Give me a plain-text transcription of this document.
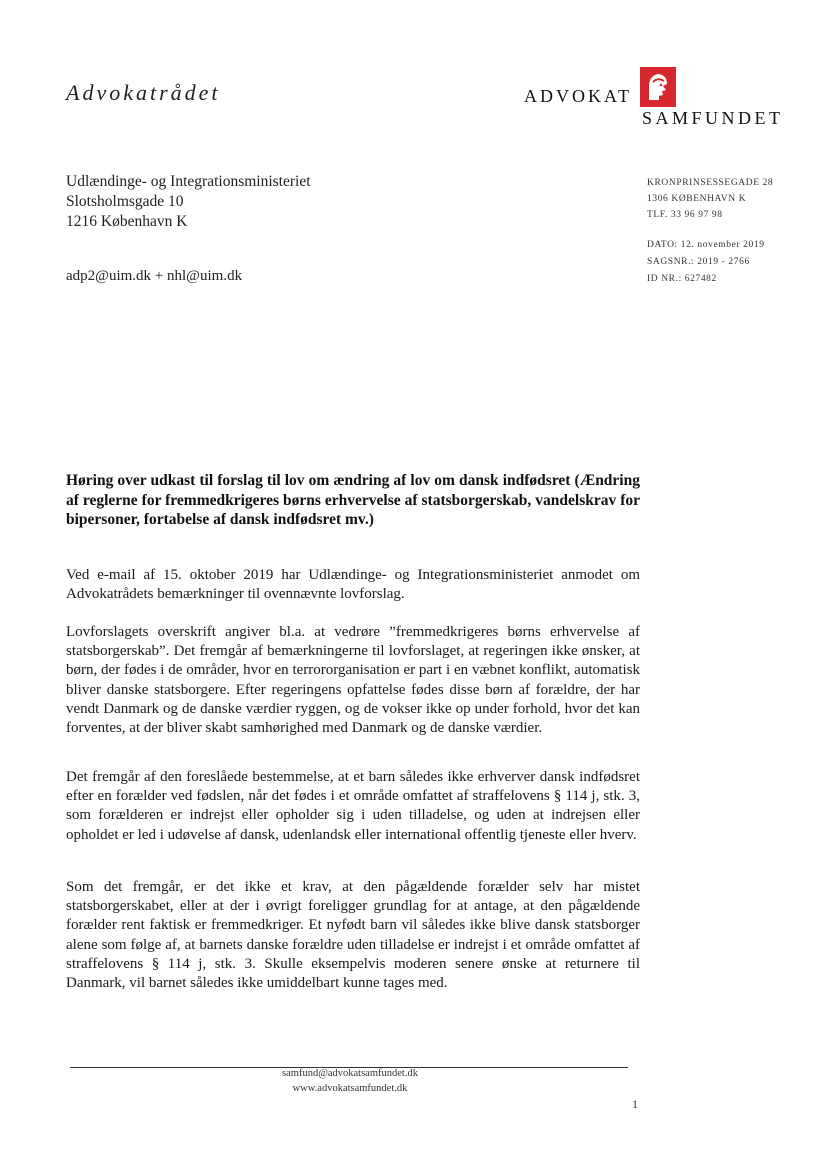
Advokatrådet	ADVOKAT
SAMFUNDET
Udlændinge- og Integrationsministeriet
Slotsholmsgade 10
1216 København K
adp2@uim.dk + nhl@uim.dk
KRONPRINSESSEGADE 28
1306 KØBENHAVN K
TLF. 33 96 97 98
DATO: 12. november 2019
SAGSNR.: 2019 - 2766
ID NR.: 627482
Høring over udkast til forslag til lov om ændring af lov om dansk indfødsret (Ændring af reglerne for fremmedkrigeres børns erhvervelse af statsborgerskab, vandelskrav for bipersoner, fortabelse af dansk indfødsret mv.)
Ved e-mail af 15. oktober 2019 har Udlændinge- og Integrationsministeriet anmodet om Advokatrådets bemærkninger til ovennævnte lovforslag.
Lovforslagets overskrift angiver bl.a. at vedrøre ”fremmedkrigeres børns erhvervelse af statsborgerskab”. Det fremgår af bemærkningerne til lovforslaget, at regeringen ikke ønsker, at børn, der fødes i de områder, hvor en terrororganisation er part i en væbnet konflikt, automatisk bliver danske statsborgere. Efter regeringens opfattelse fødes disse børn af forældre, der har vendt Danmark og de danske værdier ryggen, og de vokser ikke op under forhold, hvor det kan forventes, at der bliver skabt samhørighed med Danmark og de danske værdier.
Det fremgår af den foreslåede bestemmelse, at et barn således ikke erhverver dansk indfødsret efter en forælder ved fødslen, når det fødes i et område omfattet af straffelovens § 114 j, stk. 3, som forælderen er indrejst eller opholder sig i uden tilladelse, og uden at indrejsen eller opholdet er led i udøvelse af dansk, udenlandsk eller international offentlig tjeneste eller hverv.
Som det fremgår, er det ikke et krav, at den pågældende forælder selv har mistet statsborgerskabet, eller at der i øvrigt foreligger grundlag for at antage, at den pågældende forælder rent faktisk er fremmedkriger. Et nyfødt barn vil således ikke blive dansk statsborger alene som følge af, at barnets danske forældre uden tilladelse er indrejst i et område omfattet af straffelovens § 114 j, stk. 3. Skulle eksempelvis moderen senere ønske at returnere til Danmark, vil barnet således ikke umiddelbart kunne tages med.
samfund@advokatsamfundet.dk
www.advokatsamfundet.dk
1
